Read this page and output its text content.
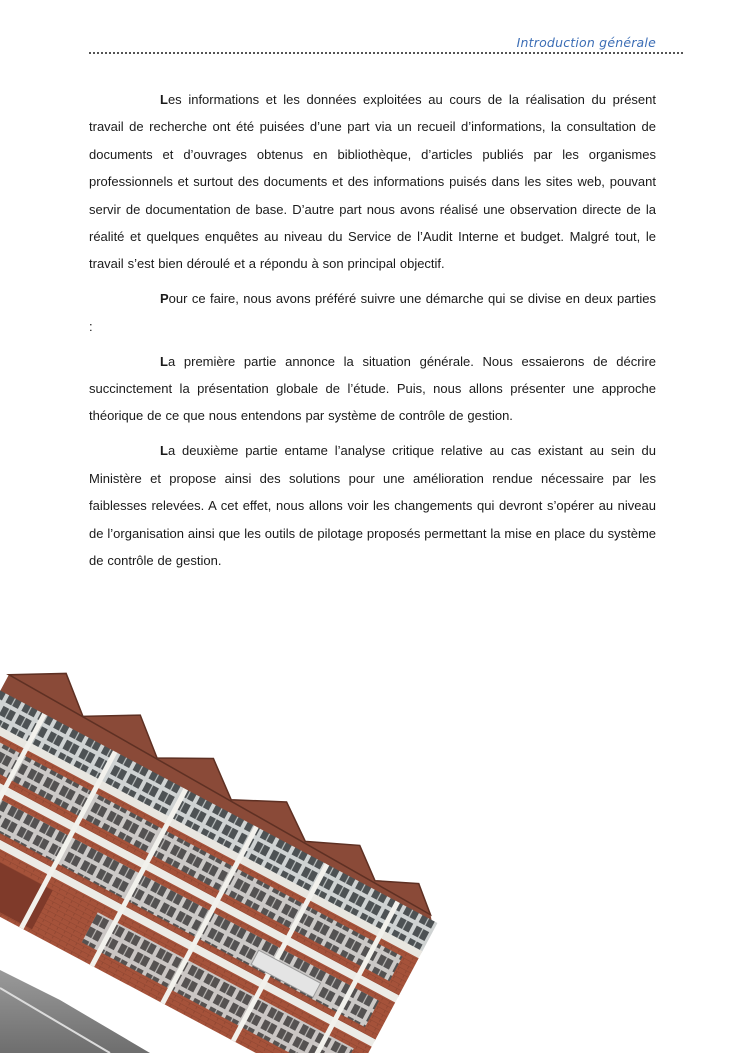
Introduction générale

Les informations et les données exploitées au cours de la réalisation du présent travail de recherche ont été puisées d’une part via un recueil d’informations, la consultation de documents et d’ouvrages obtenus en bibliothèque, d’articles publiés par les organismes professionnels et surtout des documents et des informations puisés dans les sites web, pouvant servir de documentation de base. D’autre part nous avons réalisé une observation directe de la réalité et quelques enquêtes au niveau du Service de l’Audit Interne et budget. Malgré tout, le travail s’est bien déroulé et a répondu à son principal objectif.

Pour ce faire, nous avons préféré suivre une démarche qui se divise en deux parties :

La première partie annonce la situation générale. Nous essaierons de décrire succinctement la présentation globale de l’étude. Puis, nous allons présenter une approche théorique de ce que nous entendons par système de contrôle de gestion.

La deuxième partie entame l’analyse critique relative au cas existant au sein du Ministère et propose ainsi des solutions pour une amélioration rendue nécessaire par les faiblesses relevées. A cet effet, nous allons voir les changements qui devront s’opérer au niveau de l’organisation ainsi que les outils de pilotage proposés permettant la mise en place du système de contrôle de gestion.
